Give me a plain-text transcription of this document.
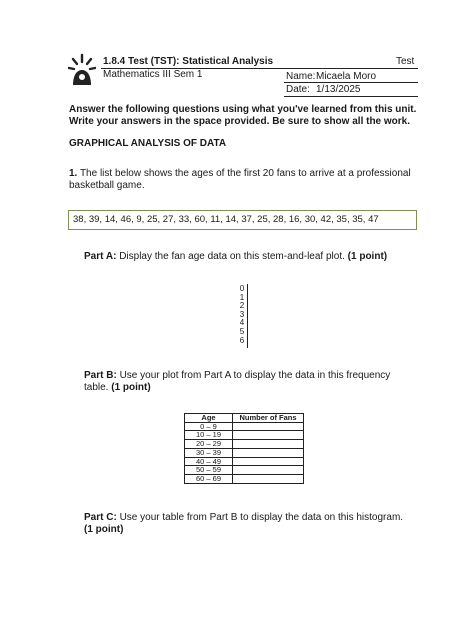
1.8.4 Test (TST): Statistical Analysis	Test
Mathematics III Sem 1	Name: Micaela Moro
Date: 1/13/2025
Answer the following questions using what you've learned from this unit. Write your answers in the space provided. Be sure to show all the work.
GRAPHICAL ANALYSIS OF DATA
1. The list below shows the ages of the first 20 fans to arrive at a professional basketball game.
38, 39, 14, 46, 9, 25, 27, 33, 60, 11, 14, 37, 25, 28, 16, 30, 42, 35, 35, 47
Part A: Display the fan age data on this stem-and-leaf plot. (1 point)
0
1
2
3
4
5
6
Part B: Use your plot from Part A to display the data in this frequency table. (1 point)
Age	Number of Fans
0 – 9	
10 – 19	
20 – 29	
30 – 39	
40 – 49	
50 – 59	
60 – 69	
Part C: Use your table from Part B to display the data on this histogram. (1 point)
